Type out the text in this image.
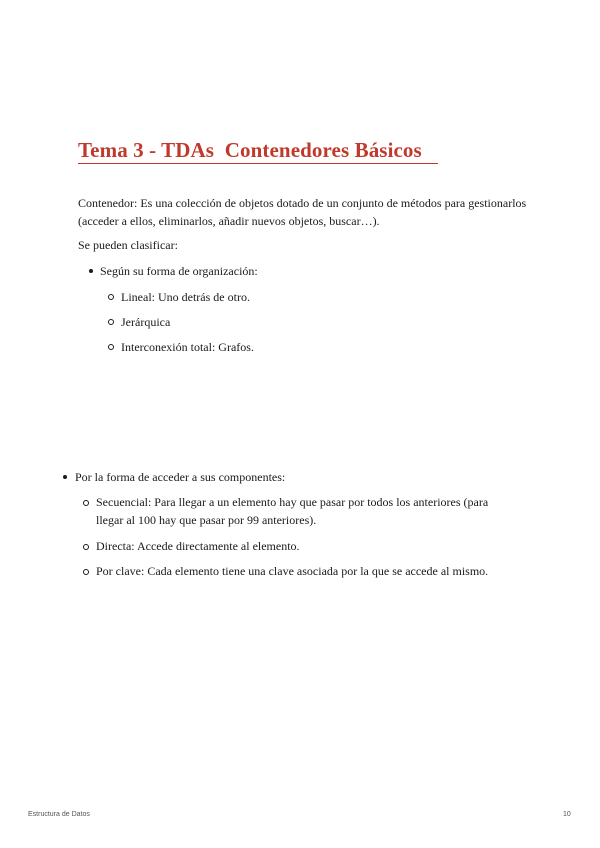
Tema 3 - TDAs  Contenedores Básicos

Contenedor: Es una colección de objetos dotado de un conjunto de métodos para gestionarlos
(acceder a ellos, eliminarlos, añadir nuevos objetos, buscar…).

Se pueden clasificar:

Según su forma de organización:
Lineal: Uno detrás de otro.
Jerárquica
Interconexión total: Grafos.
Por la forma de acceder a sus componentes:
Secuencial: Para llegar a un elemento hay que pasar por todos los anteriores (para
llegar al 100 hay que pasar por 99 anteriores).
Directa: Accede directamente al elemento.
Por clave: Cada elemento tiene una clave asociada por la que se accede al mismo.
Estructura de Datos	10
